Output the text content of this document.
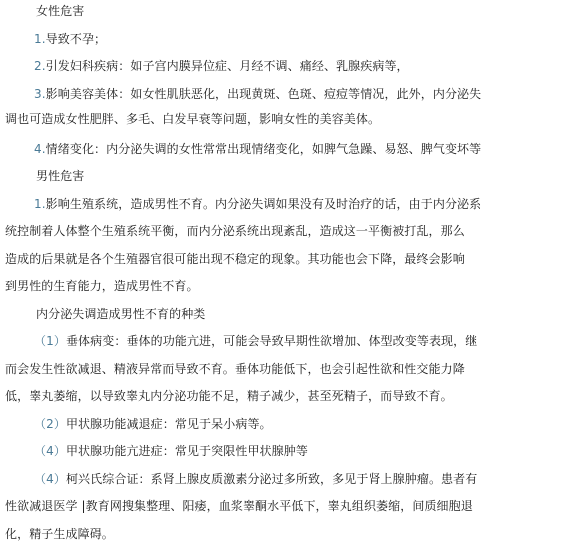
女性危害
1.导致不孕；
2.引发妇科疾病：如子宫内膜异位症、月经不调、痛经、乳腺疾病等，
3.影响美容美体：如女性肌肤恶化，出现黄斑、色斑、痘痘等情况，此外，内分泌失
调也可造成女性肥胖、多毛、白发早衰等问题，影响女性的美容美体。
4.情绪变化：内分泌失调的女性常常出现情绪变化，如脾气急躁、易怒、脾气变坏等
男性危害
1.影响生殖系统，造成男性不育。内分泌失调如果没有及时治疗的话，由于内分泌系
统控制着人体整个生殖系统平衡，而内分泌系统出现紊乱，造成这一平衡被打乱，那么
造成的后果就是各个生殖器官很可能出现不稳定的现象。其功能也会下降，最终会影响
到男性的生育能力，造成男性不育。
内分泌失调造成男性不育的种类
（1）垂体病变：垂体的功能亢进，可能会导致早期性欲增加、体型改变等表现，继
而会发生性欲减退、精液异常而导致不育。垂体功能低下，也会引起性欲和性交能力降
低，睾丸萎缩，以导致睾丸内分泌功能不足，精子减少，甚至死精子，而导致不育。
（2）甲状腺功能减退症：常见于呆小病等。
（4）甲状腺功能亢进症：常见于突限性甲状腺肿等
（4）柯兴氏综合证：系肾上腺皮质激素分泌过多所致，多见于肾上腺肿瘤。患者有
性欲减退医学 |教育网搜集整理、阳痿，血浆睾酮水平低下，睾丸组织萎缩，间质细胞退
化，精子生成障碍。
